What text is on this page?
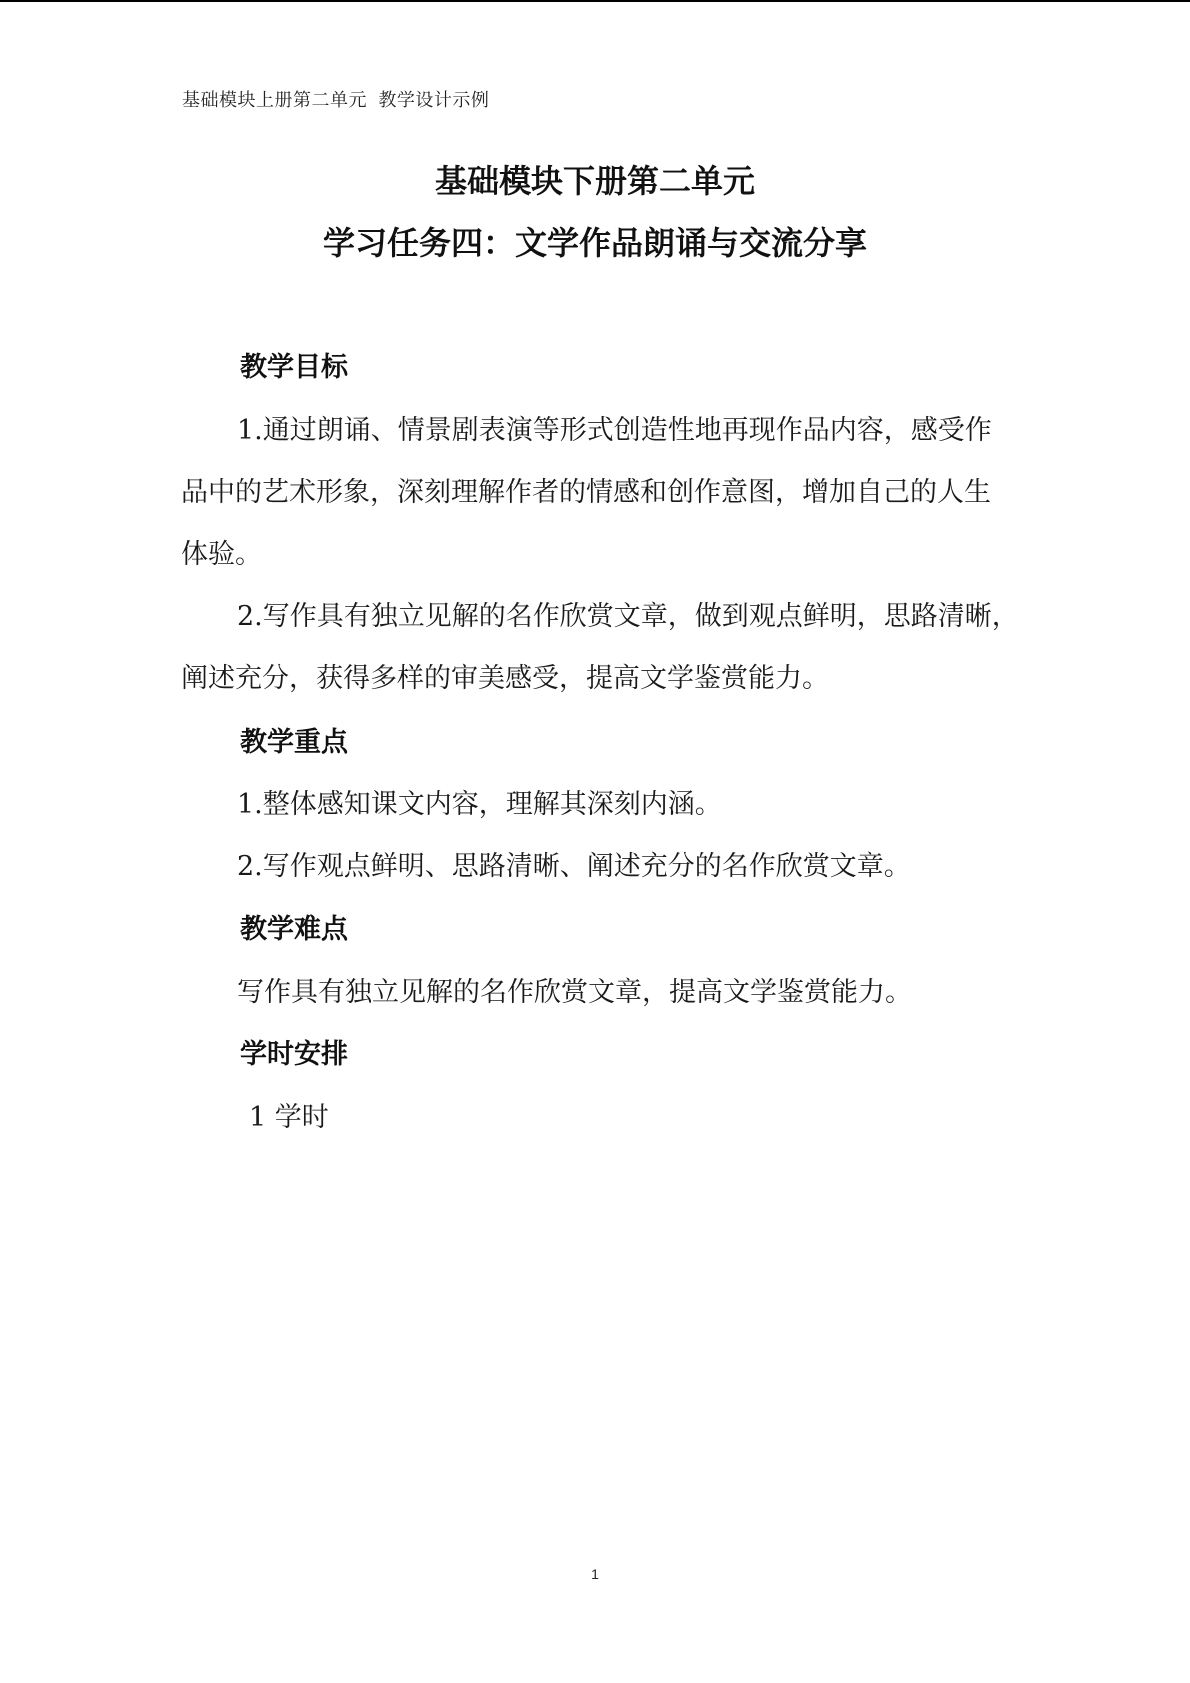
基础模块上册第二单元 教学设计示例
基础模块下册第二单元
学习任务四：文学作品朗诵与交流分享
教学目标
1.通过朗诵、情景剧表演等形式创造性地再现作品内容，感受作
品中的艺术形象，深刻理解作者的情感和创作意图，增加自己的人生
体验。
2.写作具有独立见解的名作欣赏文章，做到观点鲜明，思路清晰，
阐述充分，获得多样的审美感受，提高文学鉴赏能力。
教学重点
1.整体感知课文内容，理解其深刻内涵。
2.写作观点鲜明、思路清晰、阐述充分的名作欣赏文章。
教学难点
写作具有独立见解的名作欣赏文章，提高文学鉴赏能力。
学时安排
1 学时
1
